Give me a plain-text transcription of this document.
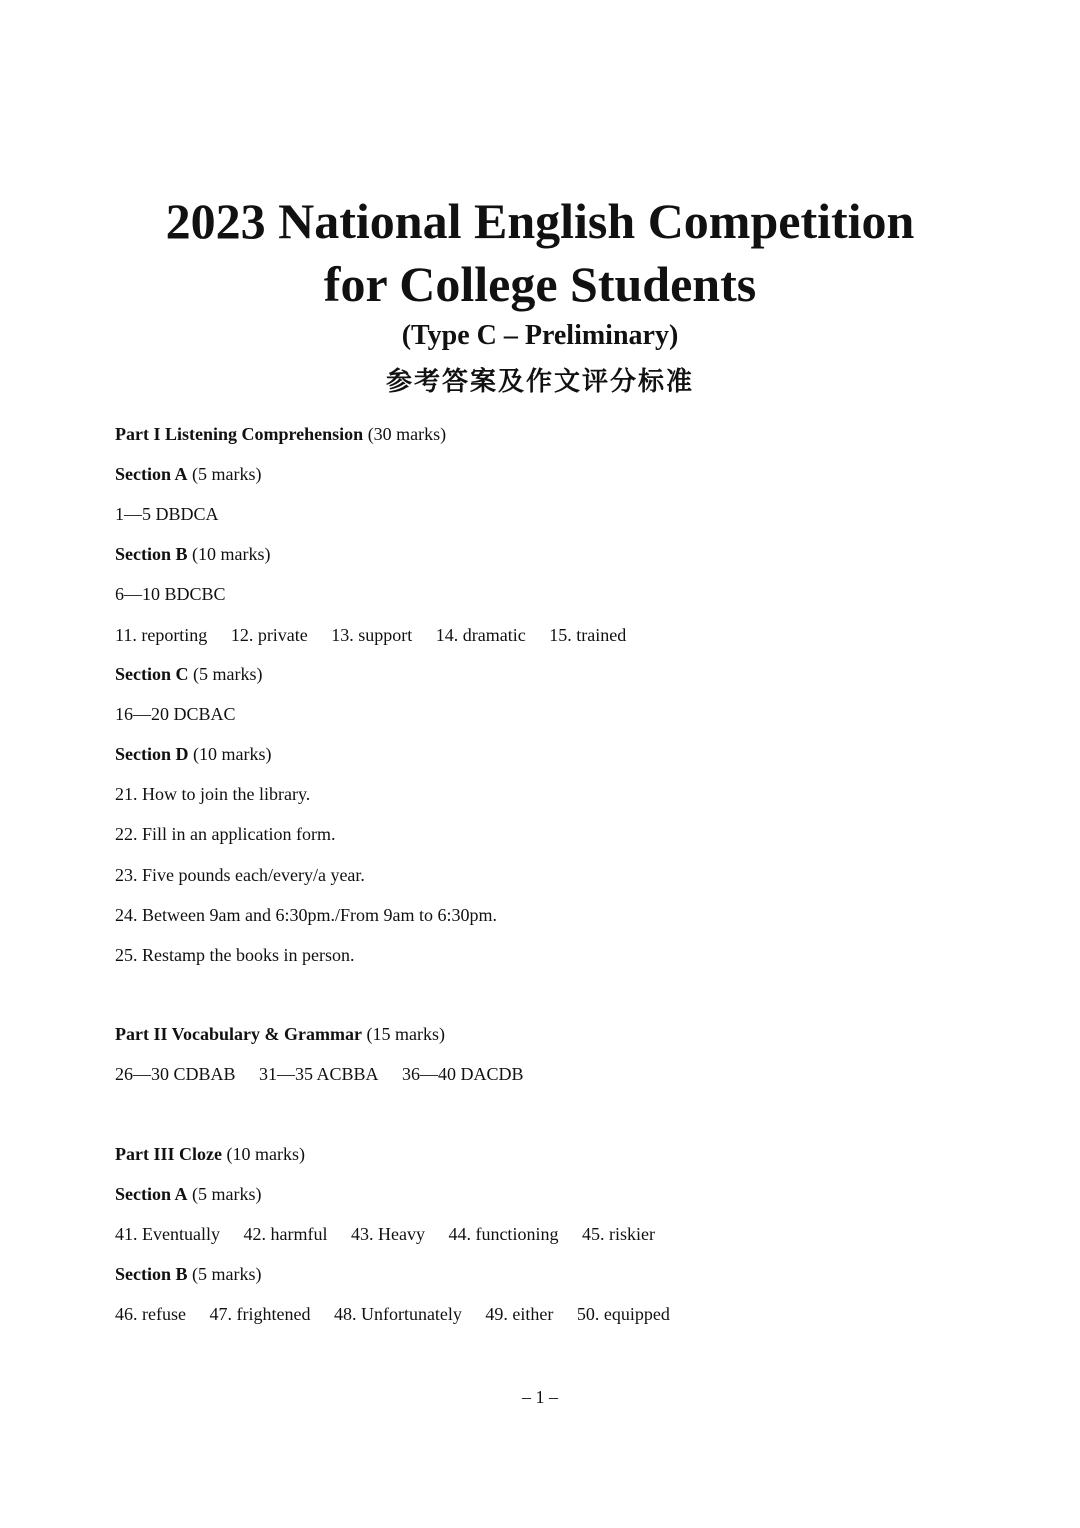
2023 National English Competition
for College Students

(Type C – Preliminary)

参考答案及作文评分标准

Part I Listening Comprehension (30 marks)

Section A (5 marks)

1—5 DBDCA

Section B (10 marks)

6—10 BDCBC

11. reporting 12. private 13. support 14. dramatic 15. trained

Section C (5 marks)

16—20 DCBAC

Section D (10 marks)

21. How to join the library.

22. Fill in an application form.

23. Five pounds each/every/a year.

24. Between 9am and 6:30pm./From 9am to 6:30pm.

25. Restamp the books in person.

Part II Vocabulary & Grammar (15 marks)

26—30 CDBAB 31—35 ACBBA 36—40 DACDB

Part III Cloze (10 marks)

Section A (5 marks)

41. Eventually 42. harmful 43. Heavy 44. functioning 45. riskier

Section B (5 marks)

46. refuse 47. frightened 48. Unfortunately 49. either 50. equipped

– 1 –
